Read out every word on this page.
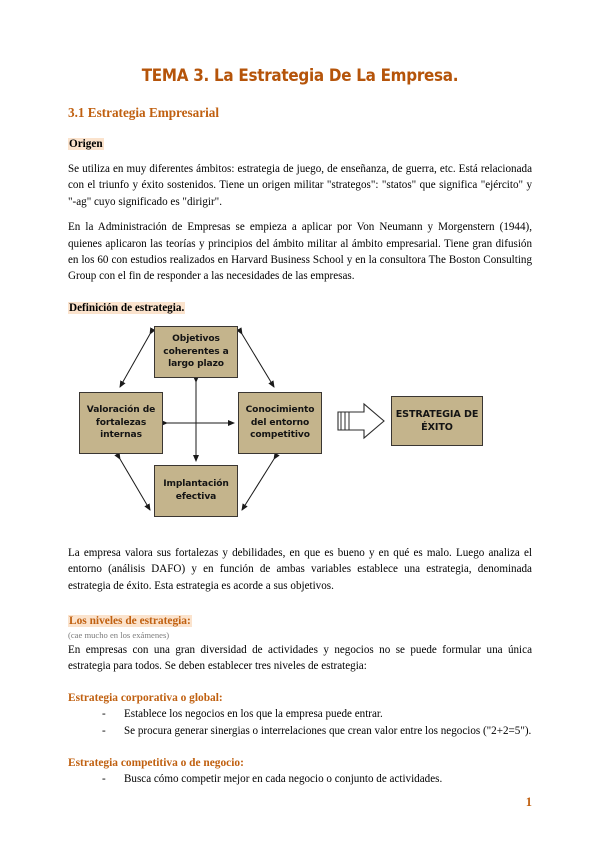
TEMA 3. La Estrategia De La Empresa.
3.1 Estrategia Empresarial
Origen

Se utiliza en muy diferentes ámbitos: estrategia de juego, de enseñanza, de guerra, etc. Está relacionada con el triunfo y éxito sostenidos. Tiene un origen militar "strategos": "statos" que significa "ejército" y "-ag" cuyo significado es "dirigir".

En la Administración de Empresas se empieza a aplicar por Von Neumann y Morgenstern (1944), quienes aplicaron las teorías y principios del ámbito militar al ámbito empresarial. Tiene gran difusión en los 60 con estudios realizados en Harvard Business School y en la consultora The Boston Consulting Group con el fin de responder a las necesidades de las empresas.

Definición de estrategia.
Objetivos coherentes a largo plazo
Valoración de fortalezas internas
Conocimiento del entorno competitivo
Implantación efectiva
ESTRATEGIA DE ÉXITO

La empresa valora sus fortalezas y debilidades, en que es bueno y en qué es malo. Luego analiza el entorno (análisis DAFO) y en función de ambas variables establece una estrategia, denominada estrategia de éxito. Esta estrategia es acorde a sus objetivos.

Los niveles de estrategia:
(cae mucho en los exámenes)

En empresas con una gran diversidad de actividades y negocios no se puede formular una única estrategia para todos. Se deben establecer tres niveles de estrategia:

Estrategia corporativa o global:
- Establece los negocios en los que la empresa puede entrar.
- Se procura generar sinergias o interrelaciones que crean valor entre los negocios ("2+2=5").
Estrategia competitiva o de negocio:
- Busca cómo competir mejor en cada negocio o conjunto de actividades.
1
